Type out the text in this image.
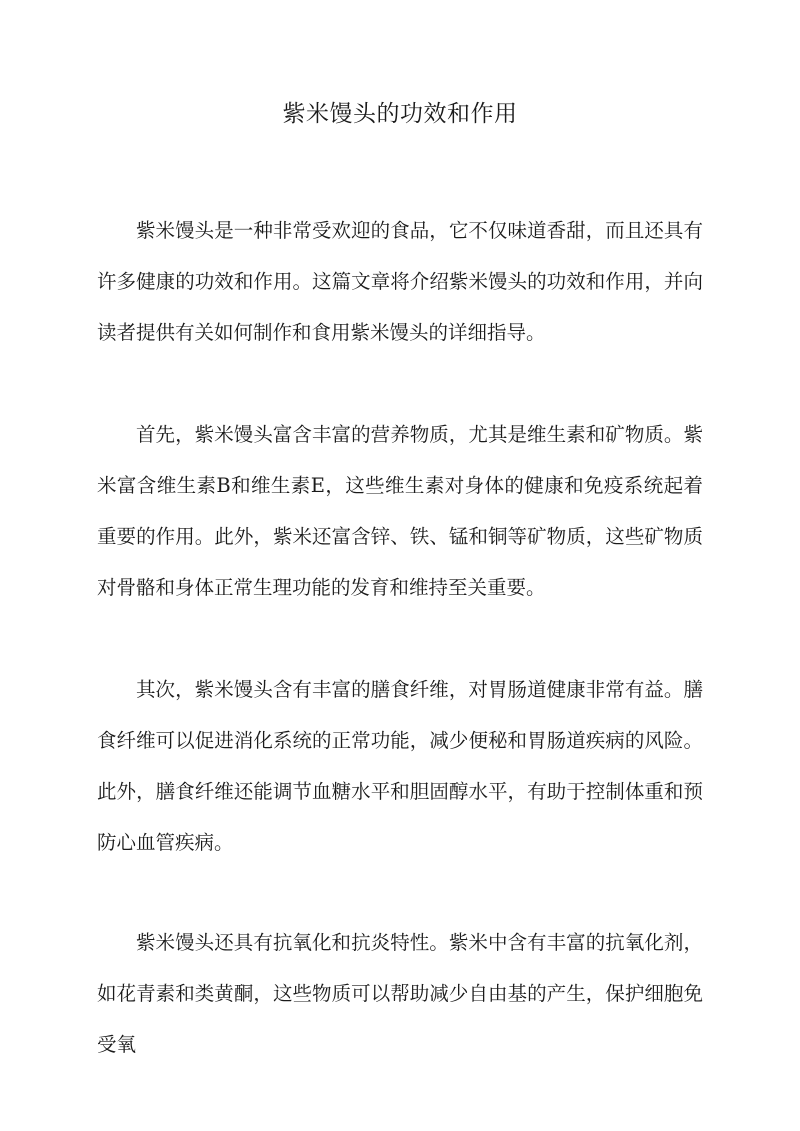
紫米馒头的功效和作用

紫米馒头是一种非常受欢迎的食品，它不仅味道香甜，而且还具有许多健康的功效和作用。这篇文章将介绍紫米馒头的功效和作用，并向读者提供有关如何制作和食用紫米馒头的详细指导。

首先，紫米馒头富含丰富的营养物质，尤其是维生素和矿物质。紫米富含维生素B和维生素E，这些维生素对身体的健康和免疫系统起着重要的作用。此外，紫米还富含锌、铁、锰和铜等矿物质，这些矿物质对骨骼和身体正常生理功能的发育和维持至关重要。

其次，紫米馒头含有丰富的膳食纤维，对胃肠道健康非常有益。膳食纤维可以促进消化系统的正常功能，减少便秘和胃肠道疾病的风险。此外，膳食纤维还能调节血糖水平和胆固醇水平，有助于控制体重和预防心血管疾病。

紫米馒头还具有抗氧化和抗炎特性。紫米中含有丰富的抗氧化剂，如花青素和类黄酮，这些物质可以帮助减少自由基的产生，保护细胞免受氧
